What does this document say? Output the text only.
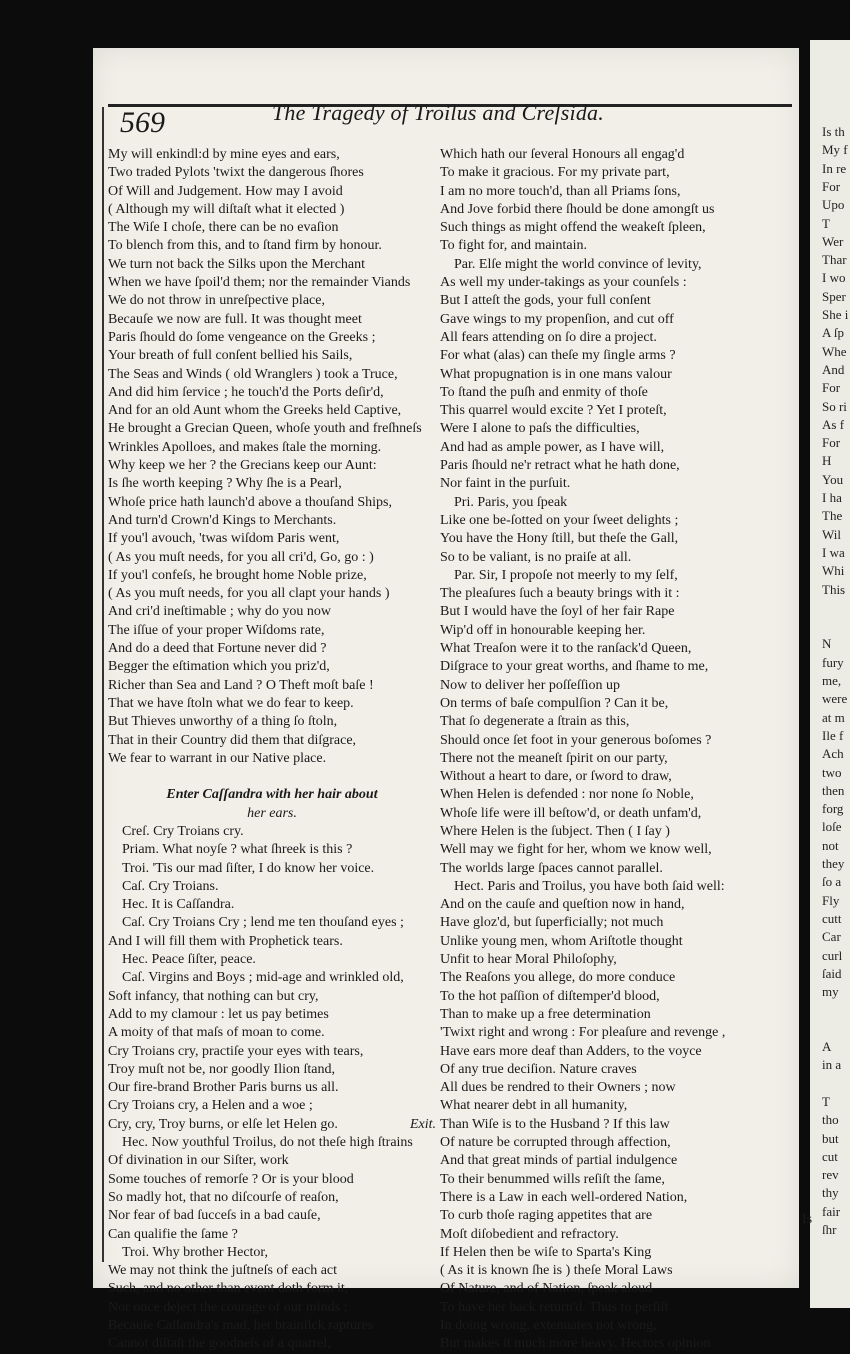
Is th
My f
In re
For
Upo
T
Wer
Thar
I wo
Sper
She i
A ſp
Whe
And
For
So ri
As f
For
H
You
I ha
The
Wil
I wa
Whi
This
N
fury
me,
were
at m
Ile f
Ach
two
then
forg
loſe
not
they
ſo a
Fly
cutt
Car
curl
ſaid
my
A
in a
T
tho
but
cut
rev
thy
fair
ſhr
569	The Tragedy of Troilus and Creſsida.
My will enkindl:d by mine eyes and ears,
Two traded Pylots 'twixt the dangerous ſhores
Of Will and Judgement. How may I avoid
( Although my will diſtaſt what it elected )
The Wiſe I choſe, there can be no evaſion
To blench from this, and to ſtand firm by honour.
We turn not back the Silks upon the Merchant
When we have ſpoil'd them; nor the remainder Viands
We do not throw in unreſpective place,
Becauſe we now are full. It was thought meet
Paris ſhould do ſome vengeance on the Greeks ;
Your breath of full conſent bellied his Sails,
The Seas and Winds ( old Wranglers ) took a Truce,
And did him ſervice ; he touch'd the Ports deſir'd,
And for an old Aunt whom the Greeks held Captive,
He brought a Grecian Queen, whoſe youth and freſhneſs
Wrinkles Apolloes, and makes ſtale the morning.
Why keep we her ? the Grecians keep our Aunt:
Is ſhe worth keeping ? Why ſhe is a Pearl,
Whoſe price hath launch'd above a thouſand Ships,
And turn'd Crown'd Kings to Merchants.
If you'l avouch, 'twas wiſdom Paris went,
( As you muſt needs, for you all cri'd, Go, go : )
If you'l confeſs, he brought home Noble prize,
( As you muſt needs, for you all clapt your hands )
And cri'd ineſtimable ; why do you now
The iſſue of your proper Wiſdoms rate,
And do a deed that Fortune never did ?
Begger the eſtimation which you priz'd,
Richer than Sea and Land ? O Theft moſt baſe !
That we have ſtoln what we do fear to keep.
But Thieves unworthy of a thing ſo ſtoln,
That in their Country did them that diſgrace,
We fear to warrant in our Native place.
Enter Caſſandra with her hair about
her ears.
Creſ. Cry Troians cry.
Priam. What noyſe ? what ſhreek is this ?
Troi. 'Tis our mad ſiſter, I do know her voice.
Caſ. Cry Troians.
Hec. It is Caſſandra.
Caſ. Cry Troians Cry ; lend me ten thouſand eyes ;
And I will fill them with Prophetick tears.
Hec. Peace ſiſter, peace.
Caſ. Virgins and Boys ; mid-age and wrinkled old,
Soft infancy, that nothing can but cry,
Add to my clamour : let us pay betimes
A moity of that maſs of moan to come.
Cry Troians cry, practiſe your eyes with tears,
Troy muſt not be, nor goodly Ilion ſtand,
Our fire-brand Brother Paris burns us all.
Cry Troians cry, a Helen and a woe ;
Cry, cry, Troy burns, or elſe let Helen go.	Exit.
Hec. Now youthful Troilus, do not theſe high ſtrains
Of divination in our Siſter, work
Some touches of remorſe ? Or is your blood
So madly hot, that no diſcourſe of reaſon,
Nor fear of bad ſucceſs in a bad cauſe,
Can qualifie the ſame ?
Troi. Why brother Hector,
We may not think the juſtneſs of each act
Such, and no other than event doth form it,
Nor once deject the courage of our minds ;
Becauſe Caſſandra's mad, her brainſick raptures
Cannot diſtaſt the goodneſs of a quarrel,
Which hath our ſeveral Honours all engag'd
To make it gracious. For my private part,
I am no more touch'd, than all Priams ſons,
And Jove forbid there ſhould be done amongſt us
Such things as might offend the weakeſt ſpleen,
To fight for, and maintain.
Par. Elſe might the world convince of levity,
As well my under-takings as your counſels :
But I atteſt the gods, your full conſent
Gave wings to my propenſion, and cut off
All fears attending on ſo dire a project.
For what (alas) can theſe my ſingle arms ?
What propugnation is in one mans valour
To ſtand the puſh and enmity of thoſe
This quarrel would excite ? Yet I proteſt,
Were I alone to paſs the difficulties,
And had as ample power, as I have will,
Paris ſhould ne'r retract what he hath done,
Nor faint in the purſuit.
Pri. Paris, you ſpeak
Like one be-ſotted on your ſweet delights ;
You have the Hony ſtill, but theſe the Gall,
So to be valiant, is no praiſe at all.
Par. Sir, I propoſe not meerly to my ſelf,
The pleaſures ſuch a beauty brings with it :
But I would have the ſoyl of her fair Rape
Wip'd off in honourable keeping her.
What Treaſon were it to the ranſack'd Queen,
Diſgrace to your great worths, and ſhame to me,
Now to deliver her poſſeſſion up
On terms of baſe compulſion ? Can it be,
That ſo degenerate a ſtrain as this,
Should once ſet foot in your generous boſomes ?
There not the meaneſt ſpirit on our party,
Without a heart to dare, or ſword to draw,
When Helen is defended : nor none ſo Noble,
Whoſe life were ill beſtow'd, or death unfam'd,
Where Helen is the ſubject. Then ( I ſay )
Well may we fight for her, whom we know well,
The worlds large ſpaces cannot parallel.
Hect. Paris and Troilus, you have both ſaid well:
And on the cauſe and queſtion now in hand,
Have gloz'd, but ſuperficially; not much
Unlike young men, whom Ariſtotle thought
Unfit to hear Moral Philoſophy,
The Reaſons you allege, do more conduce
To the hot paſſion of diſtemper'd blood,
Than to make up a free determination
'Twixt right and wrong : For pleaſure and revenge ,
Have ears more deaf than Adders, to the voyce
Of any true deciſion. Nature craves
All dues be rendred to their Owners ; now
What nearer debt in all humanity,
Than Wiſe is to the Husband ? If this law
Of nature be corrupted through affection,
And that great minds of partial indulgence
To their benummed wills reſiſt the ſame,
There is a Law in each well-ordered Nation,
To curb thoſe raging appetites that are
Moſt diſobedient and refractory.
If Helen then be wiſe to Sparta's King
( As it is known ſhe is ) theſe Moral Laws
Of Nature, and of Nation, ſpeak aloud
To have her back return'd. Thus to perſiſt
In doing wrong, extenuates not wrong,
But makes it much more heavy. Hectors opinion
Is
